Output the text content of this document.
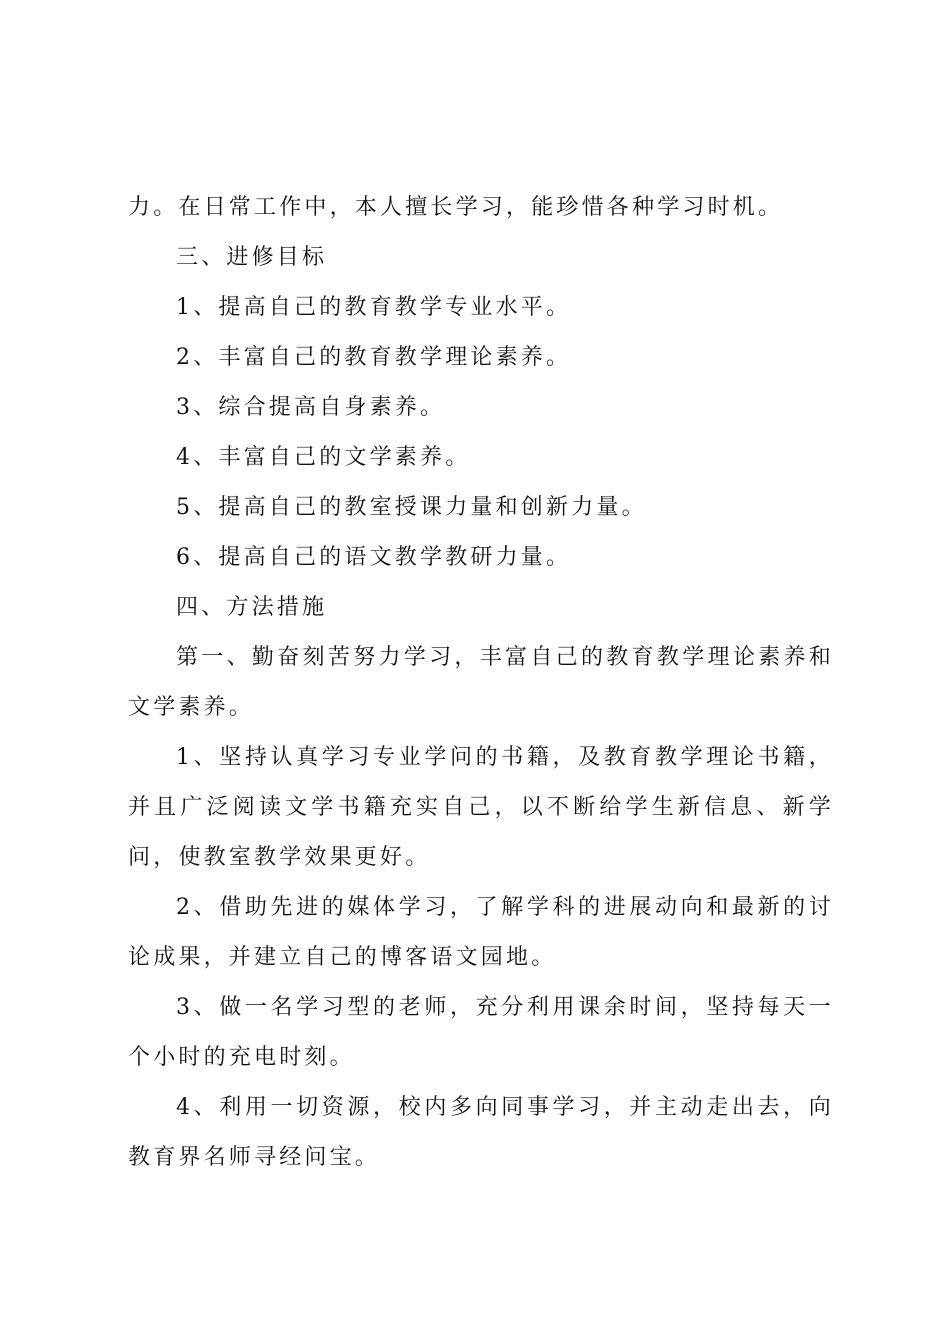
力。在日常工作中，本人擅长学习，能珍惜各种学习时机。

三、进修目标

1、提高自己的教育教学专业水平。

2、丰富自己的教育教学理论素养。

3、综合提高自身素养。

4、丰富自己的文学素养。

5、提高自己的教室授课力量和创新力量。

6、提高自己的语文教学教研力量。

四、方法措施

第一、勤奋刻苦努力学习，丰富自己的教育教学理论素养和文学素养。

1、坚持认真学习专业学问的书籍，及教育教学理论书籍，并且广泛阅读文学书籍充实自己，以不断给学生新信息、新学问，使教室教学效果更好。

2、借助先进的媒体学习，了解学科的进展动向和最新的讨论成果，并建立自己的博客语文园地。

3、做一名学习型的老师，充分利用课余时间，坚持每天一个小时的充电时刻。

4、利用一切资源，校内多向同事学习，并主动走出去，向教育界名师寻经问宝。
